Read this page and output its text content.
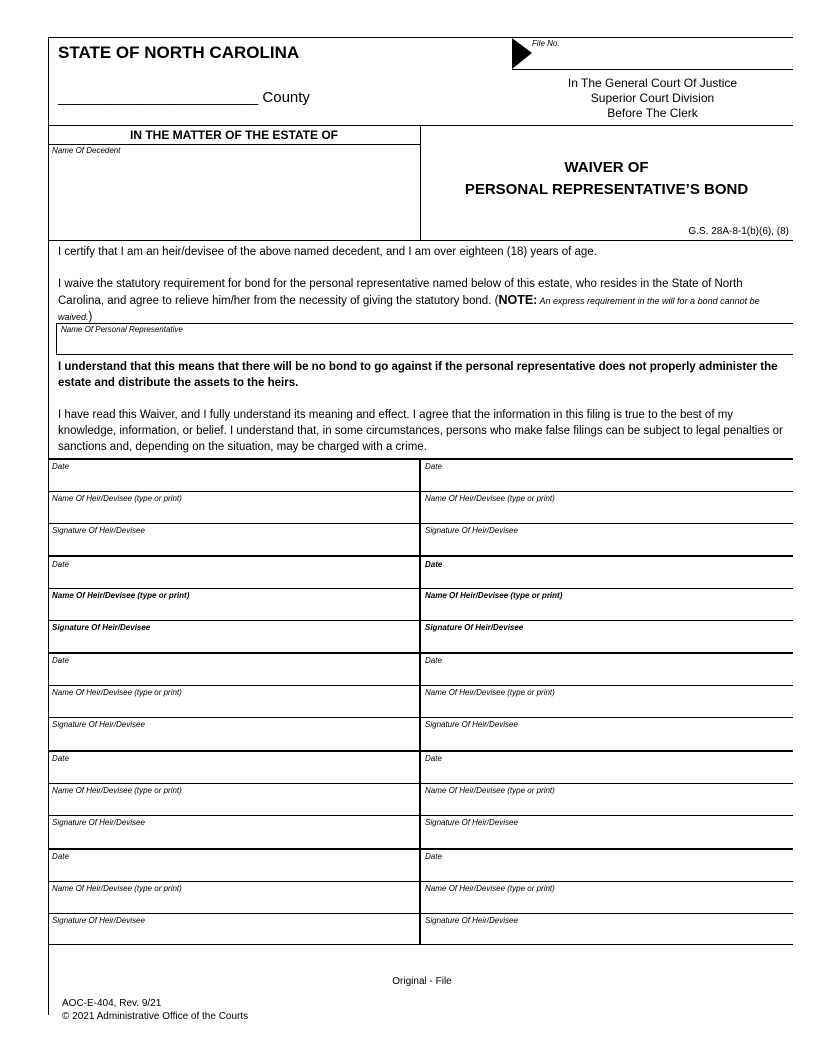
STATE OF NORTH CAROLINA
________________________ County
File No.
In The General Court Of Justice
Superior Court Division
Before The Clerk
IN THE MATTER OF THE ESTATE OF
Name Of Decedent
WAIVER OF
PERSONAL REPRESENTATIVE’S BOND
G.S. 28A-8-1(b)(6), (8)
I certify that I am an heir/devisee of the above named decedent, and I am over eighteen (18) years of age.
I waive the statutory requirement for bond for the personal representative named below of this estate, who resides in the State of North Carolina, and agree to relieve him/her from the necessity of giving the statutory bond. (NOTE: An express requirement in the will for a bond cannot be waived.)
Name Of Personal Representative
I understand that this means that there will be no bond to go against if the personal representative does not properly administer the estate and distribute the assets to the heirs.
I have read this Waiver, and I fully understand its meaning and effect. I agree that the information in this filing is true to the best of my knowledge, information, or belief. I understand that, in some circumstances, persons who make false filings can be subject to legal penalties or sanctions and, depending on the situation, may be charged with a crime.
Date
Name Of Heir/Devisee (type or print)
Signature Of Heir/Devisee
Date
Name Of Heir/Devisee (type or print)
Signature Of Heir/Devisee
Date
Name Of Heir/Devisee (type or print)
Signature Of Heir/Devisee
Date
Name Of Heir/Devisee (type or print)
Signature Of Heir/Devisee
Date
Name Of Heir/Devisee (type or print)
Signature Of Heir/Devisee
Date
Name Of Heir/Devisee (type or print)
Signature Of Heir/Devisee
Date
Name Of Heir/Devisee (type or print)
Signature Of Heir/Devisee
Date
Name Of Heir/Devisee (type or print)
Signature Of Heir/Devisee
Date
Name Of Heir/Devisee (type or print)
Signature Of Heir/Devisee
Date
Name Of Heir/Devisee (type or print)
Signature Of Heir/Devisee
Original - File
AOC-E-404, Rev. 9/21
© 2021 Administrative Office of the Courts
